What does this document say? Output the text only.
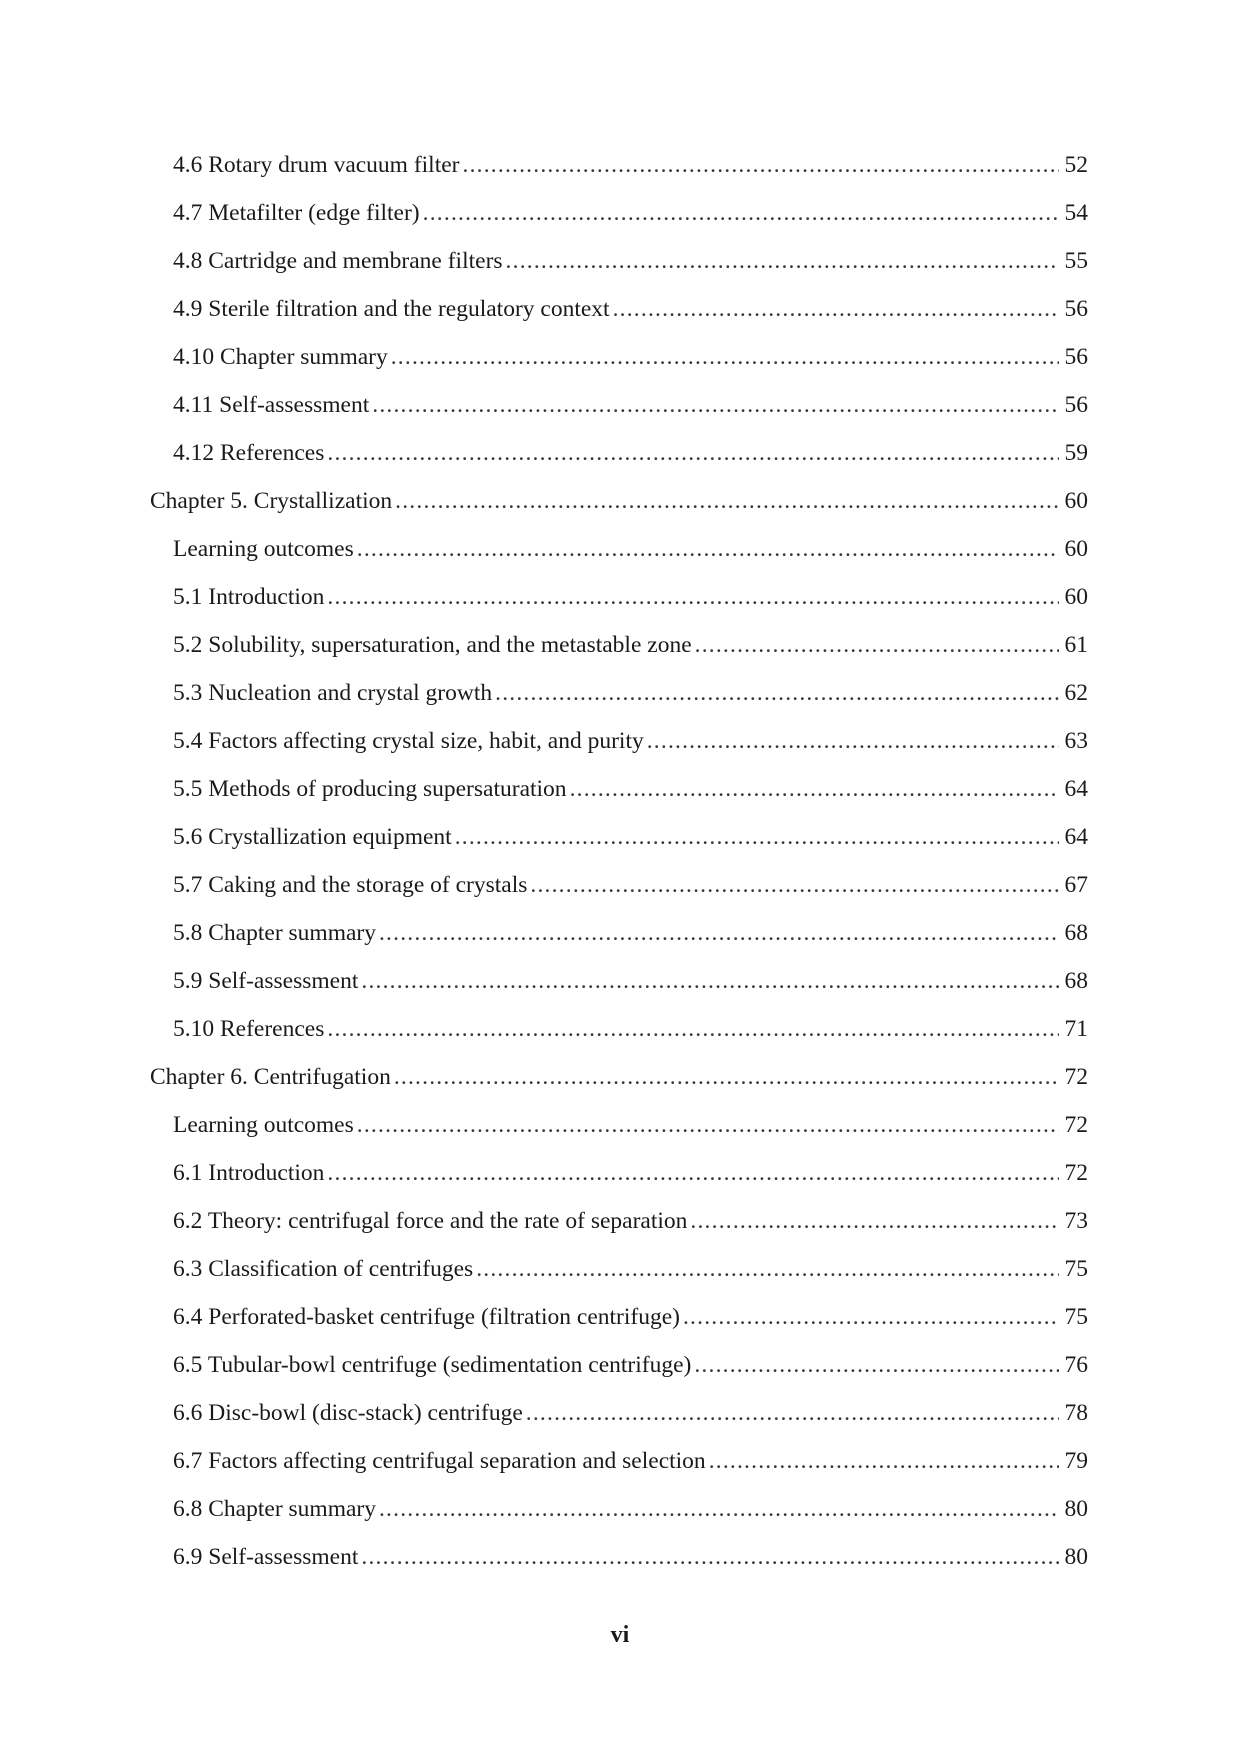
4.6 Rotary drum vacuum filter .....	52
4.7 Metafilter (edge filter) .....	54
4.8 Cartridge and membrane filters .....	55
4.9 Sterile filtration and the regulatory context .....	56
4.10 Chapter summary .....	56
4.11 Self-assessment .....	56
4.12 References .....	59
Chapter 5. Crystallization .....	60
Learning outcomes .....	60
5.1 Introduction .....	60
5.2 Solubility, supersaturation, and the metastable zone .....	61
5.3 Nucleation and crystal growth .....	62
5.4 Factors affecting crystal size, habit, and purity .....	63
5.5 Methods of producing supersaturation .....	64
5.6 Crystallization equipment .....	64
5.7 Caking and the storage of crystals .....	67
5.8 Chapter summary .....	68
5.9 Self-assessment .....	68
5.10 References .....	71
Chapter 6. Centrifugation .....	72
Learning outcomes .....	72
6.1 Introduction .....	72
6.2 Theory: centrifugal force and the rate of separation .....	73
6.3 Classification of centrifuges .....	75
6.4 Perforated-basket centrifuge (filtration centrifuge) .....	75
6.5 Tubular-bowl centrifuge (sedimentation centrifuge) .....	76
6.6 Disc-bowl (disc-stack) centrifuge .....	78
6.7 Factors affecting centrifugal separation and selection .....	79
6.8 Chapter summary .....	80
6.9 Self-assessment .....	80
vi
